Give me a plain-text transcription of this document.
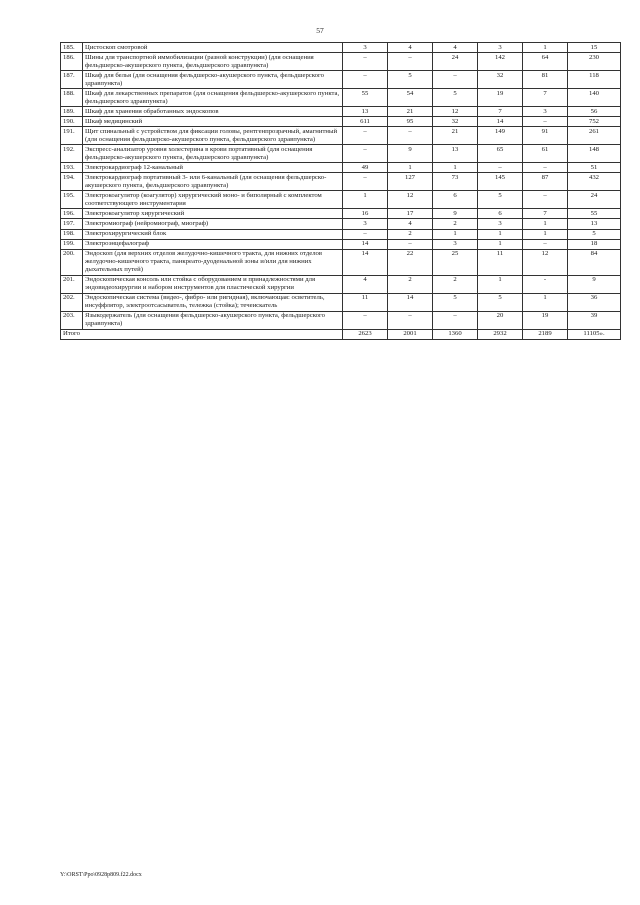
57
185.	Цистоскоп смотровой	3	4	4	3	1	15
186.	Шины для транспортной иммобилизации (разной конструкции) (для оснащения фельдшерско-акушерского пункта, фельдшерского здравпункта)	–	–	24	142	64	230
187.	Шкаф для белья (для оснащения фельдшерско-акушерского пункта, фельдшерского здравпункта)	–	5	–	32	81	118
188.	Шкаф для лекарственных препаратов (для оснащения фельдшерско-акушерского пункта, фельдшерского здравпункта)	55	54	5	19	7	140
189.	Шкаф для хранения обработанных эндоскопов	13	21	12	7	3	56
190.	Шкаф медицинский	611	95	32	14	–	752
191.	Щит спинальный с устройством для фиксации головы, рентгенпрозрачный, амагнитный (для оснащения фельдшерско-акушерского пункта, фельдшерского здравпункта)	–	–	21	149	91	261
192.	Экспресс-анализатор уровня холестерина в крови портативный (для оснащения фельдшерско-акушерского пункта, фельдшерского здравпункта)	–	9	13	65	61	148
193.	Электрокардиограф 12-канальный	49	1	1	–	–	51
194.	Электрокардиограф портативный 3- или 6-канальный (для оснащения фельдшерско-акушерского пункта, фельдшерского здравпункта)	–	127	73	145	87	432
195.	Электрокоагулятор (коагулятор) хирургический моно- и биполярный с комплектом соответствующего инструментария	1	12	6	5	–	24
196.	Электрокоагулятор хирургический	16	17	9	6	7	55
197.	Электромиограф (нейромиограф, миограф)	3	4	2	3	1	13
198.	Электрохирургический блок	–	2	1	1	1	5
199.	Электроэнцефалограф	14	–	3	1	–	18
200.	Эндоскоп (для верхних отделов желудочно-кишечного тракта, для нижних отделов желудочно-кишечного тракта, панкреато-дуоденальной зоны и/или для нижних дыхательных путей)	14	22	25	11	12	84
201.	Эндоскопическая консоль или стойка с оборудованием и принадлежностями для эндовидеохирургии и набором инструментов для пластической хирургии	4	2	2	1	-	9
202.	Эндоскопическая система (видео-, фибро- или ригидная), включающая: осветитель, инсуффлятор, электроотсасыватель, тележка (стойка); течеискатель	11	14	5	5	1	36
203.	Языкодержатель (для оснащения фельдшерско-акушерского пункта, фельдшерского здравпункта)	–	–	–	20	19	39
Итого		2623	2001	1360	2932	2189	11105».
Y:\ORST\Ppo\0928p809.f22.docx
